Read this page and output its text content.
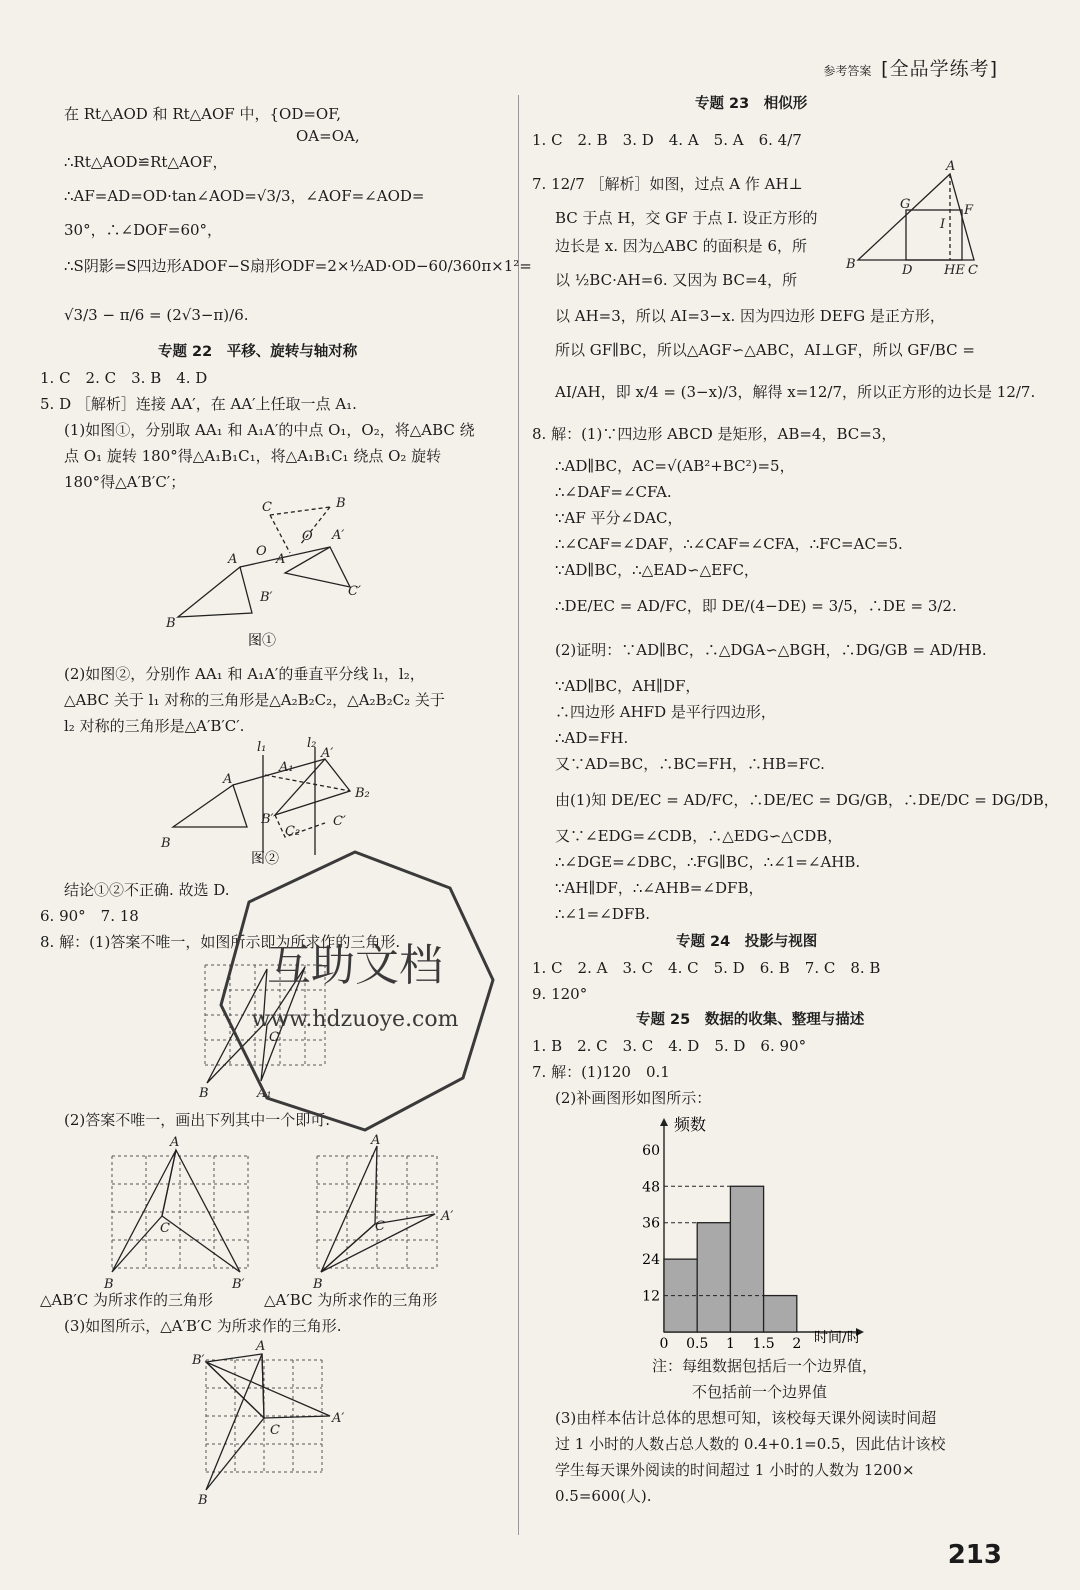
参考答案 [全品学练考]
在 Rt△AOD 和 Rt△AOF 中，{OD=OF,
OA=OA,
∴Rt△AOD≌Rt△AOF，
∴AF=AD=OD·tan∠AOD=√3/3，∠AOF=∠AOD=
30°，∴∠DOF=60°，
∴S阴影=S四边形ADOF−S扇形ODF=2×½AD·OD−60/360π×1²=
√3/3 − π/6 = (2√3−π)/6.
专题 22　平移、旋转与轴对称
1. C　2. C　3. B　4. D
5. D ［解析］连接 AA′，在 AA′上任取一点 A₁.
(1)如图①，分别取 AA₁ 和 A₁A′的中点 O₁，O₂，将△ABC 绕
点 O₁ 旋转 180°得△A₁B₁C₁，将△A₁B₁C₁ 绕点 O₂ 旋转
180°得△A′B′C′；
B
A
O
A
O A′
C	B
B′	C′
图①
(2)如图②，分别作 AA₁ 和 A₁A′的垂直平分线 l₁，l₂，
△ABC 关于 l₁ 对称的三角形是△A₂B₂C₂，△A₂B₂C₂ 关于
l₂ 对称的三角形是△A′B′C′.
B
A
l₁	l₂
A₁
A′
B₂
B′
C₂
C′
图②
结论①②不正确. 故选 D.
6. 90°　7. 18
8. 解：(1)答案不唯一，如图所示即为所求作的三角形.
B	A₁
C
(2)答案不唯一，画出下列其中一个即可.
A
C
B	B′
A
C
B
A′
△AB′C 为所求作的三角形	△A′BC 为所求作的三角形
(3)如图所示，△A′B′C 为所求作的三角形.
B′
A
C
B
A′
互助文档
www.hdzuoye.com
专题 23　相似形
1. C　2. B　3. D　4. A　5. A　6. 4/7
7. 12/7 ［解析］如图，过点 A 作 AH⊥
BC 于点 H，交 GF 于点 I. 设正方形的
边长是 x. 因为△ABC 的面积是 6，所
以 ½BC·AH=6. 又因为 BC=4，所
以 AH=3，所以 AI=3−x. 因为四边形 DEFG 是正方形，
所以 GF∥BC，所以△AGF∽△ABC，AI⊥GF，所以 GF/BC =
AI/AH，即 x/4 = (3−x)/3，解得 x=12/7，所以正方形的边长是 12/7.
A
G	F
I
B	D HE C
8. 解：(1)∵四边形 ABCD 是矩形，AB=4，BC=3，
∴AD∥BC，AC=√(AB²+BC²)=5，
∴∠DAF=∠CFA.
∵AF 平分∠DAC，
∴∠CAF=∠DAF，∴∠CAF=∠CFA，∴FC=AC=5.
∵AD∥BC，∴△EAD∽△EFC，
∴DE/EC = AD/FC，即 DE/(4−DE) = 3/5，∴DE = 3/2.
(2)证明：∵AD∥BC，∴△DGA∽△BGH，∴DG/GB = AD/HB.
∵AD∥BC，AH∥DF，
∴四边形 AHFD 是平行四边形，
∴AD=FH.
又∵AD=BC，∴BC=FH，∴HB=FC.
由(1)知 DE/EC = AD/FC，∴DE/EC = DG/GB，∴DE/DC = DG/DB，
又∵∠EDG=∠CDB，∴△EDG∽△CDB，
∴∠DGE=∠DBC，∴FG∥BC，∴∠1=∠AHB.
∵AH∥DF，∴∠AHB=∠DFB，
∴∠1=∠DFB.
专题 24　投影与视图
1. C　2. A　3. C　4. C　5. D　6. B　7. C　8. B
9. 120°
专题 25　数据的收集、整理与描述
1. B　2. C　3. C　4. D　5. D　6. 90°
7. 解：(1)120　0.1
(2)补画图形如图所示：
12
24
36
48
60
0 0.5 1 1.5 2
频数
时间/时
注：每组数据包括后一个边界值，
不包括前一个边界值
(3)由样本估计总体的思想可知，该校每天课外阅读时间超
过 1 小时的人数占总人数的 0.4+0.1=0.5，因此估计该校
学生每天课外阅读的时间超过 1 小时的人数为 1200×
0.5=600(人).
213
